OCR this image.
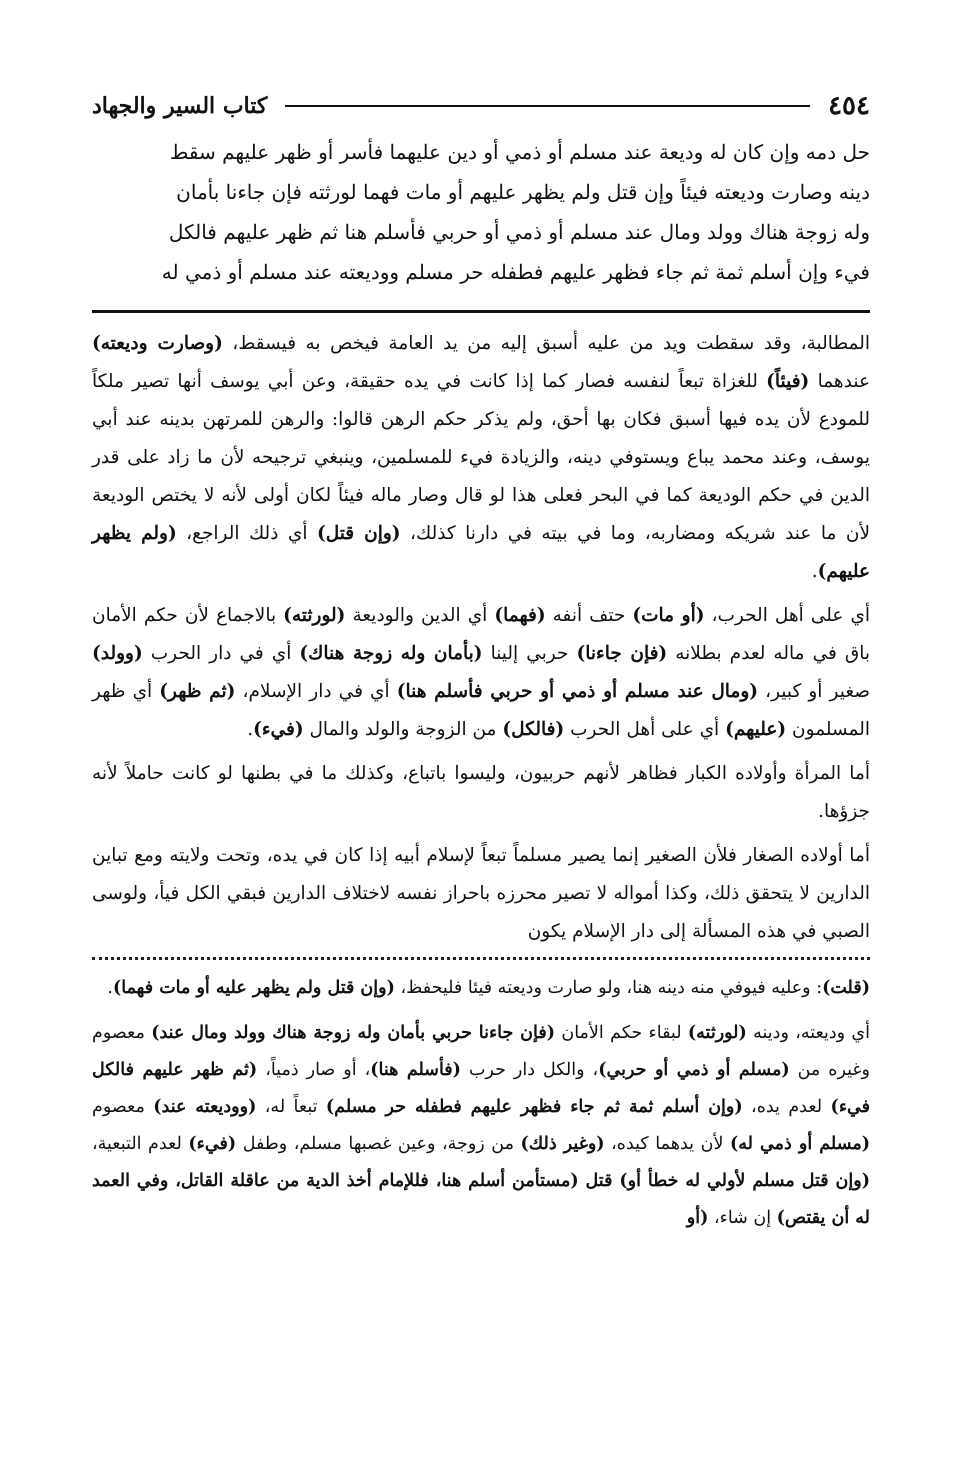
٤٥٤
كتاب السير والجهاد

حل دمه وإن كان له وديعة عند مسلم أو ذمي أو دين عليهما فأسر أو ظهر عليهم سقط

دينه وصارت وديعته فيئاً وإن قتل ولم يظهر عليهم أو مات فهما لورثته فإن جاءنا بأمان

وله زوجة هناك وولد ومال عند مسلم أو ذمي أو حربي فأسلم هنا ثم ظهر عليهم فالكل

فيء وإن أسلم ثمة ثم جاء فظهر عليهم فطفله حر مسلم ووديعته عند مسلم أو ذمي له

المطالبة، وقد سقطت ويد من عليه أسبق إليه من يد العامة فيخص به فيسقط، (وصارت وديعته) عندهما (فيئاً) للغزاة تبعاً لنفسه فصار كما إذا كانت في يده حقيقة، وعن أبي يوسف أنها تصير ملكاً للمودع لأن يده فيها أسبق فكان بها أحق، ولم يذكر حكم الرهن قالوا: والرهن للمرتهن بدينه عند أبي يوسف، وعند محمد يباع ويستوفي دينه، والزيادة فيء للمسلمين، وينبغي ترجيحه لأن ما زاد على قدر الدين في حكم الوديعة كما في البحر فعلى هذا لو قال وصار ماله فيئاً لكان أولى لأنه لا يختص الوديعة لأن ما عند شريكه ومضاربه، وما في بيته في دارنا كذلك، (وإن قتل) أي ذلك الراجع، (ولم يظهر عليهم).

أي على أهل الحرب، (أو مات) حتف أنفه (فهما) أي الدين والوديعة (لورثته) بالاجماع لأن حكم الأمان باق في ماله لعدم بطلانه (فإن جاءنا) حربي إلينا (بأمان وله زوجة هناك) أي في دار الحرب (وولد) صغير أو كبير، (ومال عند مسلم أو ذمي أو حربي فأسلم هنا) أي في دار الإسلام، (ثم ظهر) أي ظهر المسلمون (عليهم) أي على أهل الحرب (فالكل) من الزوجة والولد والمال (فيء).

أما المرأة وأولاده الكبار فظاهر لأنهم حربيون، وليسوا باتباع، وكذلك ما في بطنها لو كانت حاملاً لأنه جزؤها.

أما أولاده الصغار فلأن الصغير إنما يصير مسلماً تبعاً لإسلام أبيه إذا كان في يده، وتحت ولايته ومع تباين الدارين لا يتحقق ذلك، وكذا أمواله لا تصير محرزه باحراز نفسه لاختلاف الدارين فبقي الكل فيأ، ولوسى الصبي في هذه المسألة إلى دار الإسلام يكون

(قلت): وعليه فيوفي منه دينه هنا، ولو صارت وديعته فيئا فليحفظ، (وإن قتل ولم يظهر عليه أو مات فهما).

أي وديعته، ودينه (لورثته) لبقاء حكم الأمان (فإن جاءنا حربي بأمان وله زوجة هناك وولد ومال عند) معصوم وغيره من (مسلم أو ذمي أو حربي)، والكل دار حرب (فأسلم هنا)، أو صار ذمياً، (ثم ظهر عليهم فالكل فيء) لعدم يده، (وإن أسلم ثمة ثم جاء فظهر عليهم فطفله حر مسلم) تبعاً له، (ووديعته عند) معصوم (مسلم أو ذمي له) لأن يدهما كيده، (وغير ذلك) من زوجة، وعين غصبها مسلم، وطفل (فيء) لعدم التبعية، (وإن قتل مسلم لأولي له خطأ أو) قتل (مستأمن أسلم هنا، فللإمام أخذ الدية من عاقلة القاتل، وفي العمد له أن يقتص) إن شاء، (أو
